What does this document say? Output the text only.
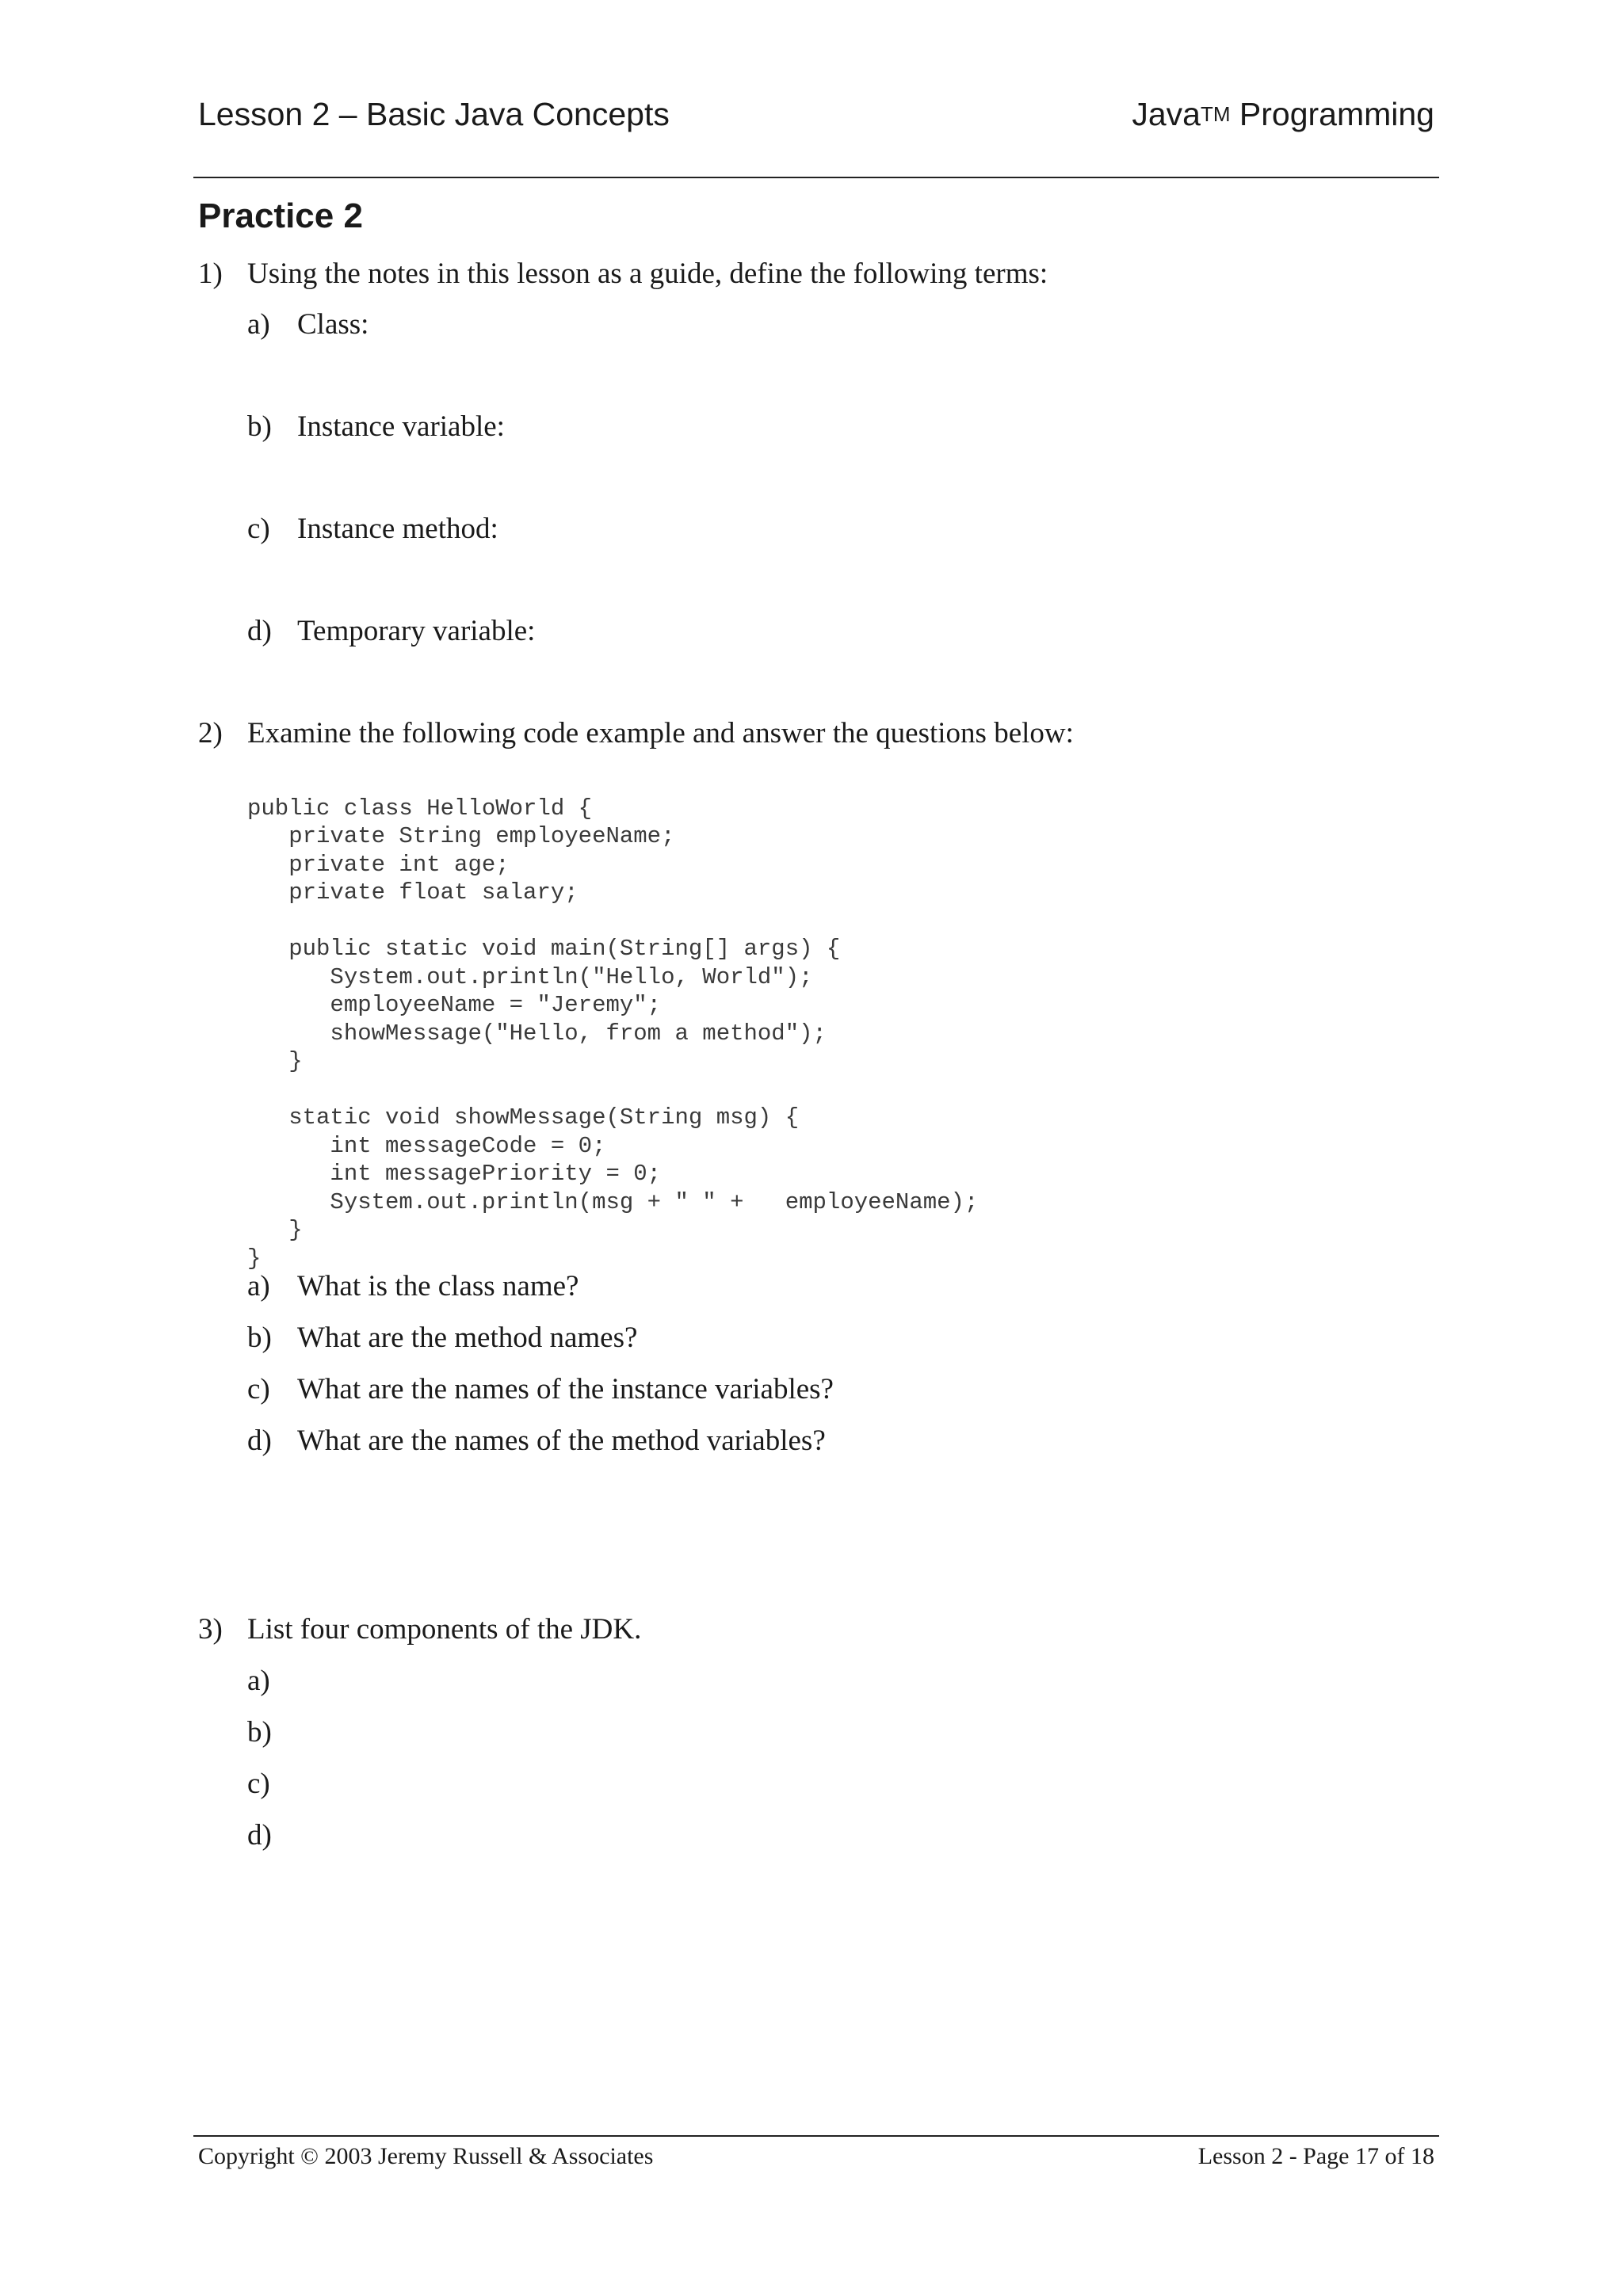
Lesson 2 – Basic Java Concepts	JavaTM Programming
Practice 2
1) Using the notes in this lesson as a guide, define the following terms:
a) Class:
b) Instance variable:
c) Instance method:
d) Temporary variable:
2) Examine the following code example and answer the questions below:

public class HelloWorld {
private String employeeName;
private int age;
private float salary;

public static void main(String[] args) {
System.out.println("Hello, World");
employeeName = "Jeremy";
showMessage("Hello, from a method");
}

static void showMessage(String msg) {
int messageCode = 0;
int messagePriority = 0;
System.out.println(msg + " " +   employeeName);
}
}

a) What is the class name?
b) What are the method names?
c) What are the names of the instance variables?
d) What are the names of the method variables?
3) List four components of the JDK.
a)
b)
c)
d)
Copyright © 2003 Jeremy Russell & Associates	Lesson 2 - Page 17 of 18
